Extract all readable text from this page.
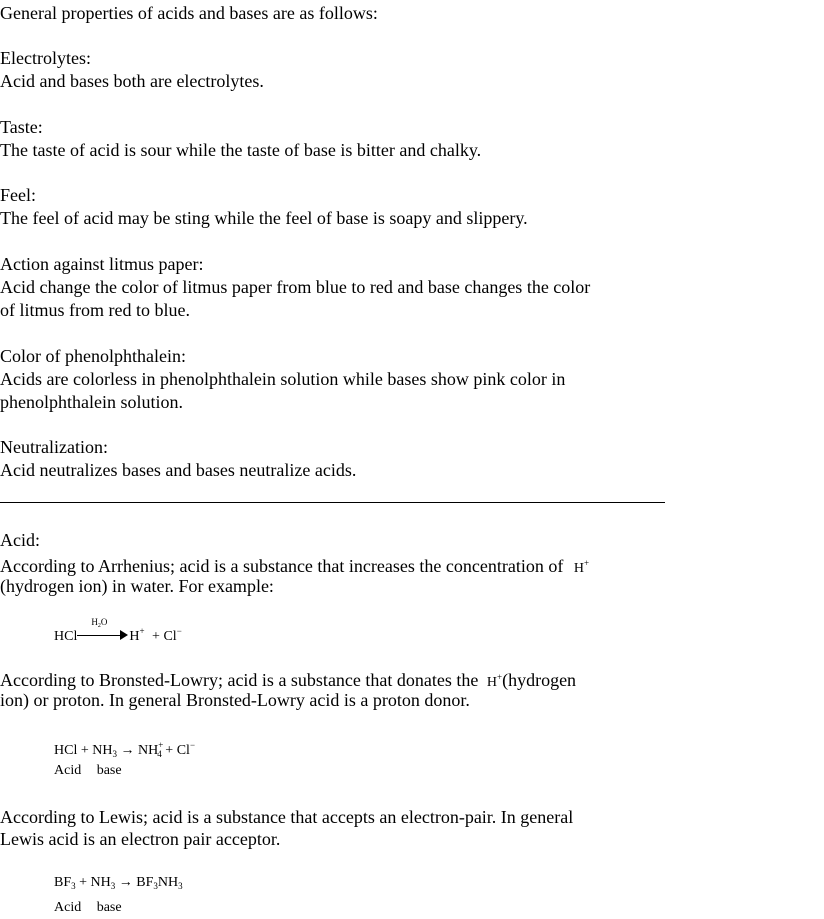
General properties of acids and bases are as follows:
Electrolytes:
Acid and bases both are electrolytes.
Taste:
The taste of acid is sour while the taste of base is bitter and chalky.
Feel:
The feel of acid may be sting while the feel of base is soapy and slippery.
Action against litmus paper:
Acid change the color of litmus paper from blue to red and base changes the color
of litmus from red to blue.
Color of phenolphthalein:
Acids are colorless in phenolphthalein solution while bases show pink color in
phenolphthalein solution.
Neutralization:
Acid neutralizes bases and bases neutralize acids.
Acid:
According to Arrhenius; acid is a substance that increases the concentration of H+
(hydrogen ion) in water. For example:
HCl
$H_2O$
H+ + Cl−
According to Bronsted-Lowry; acid is a substance that donates the H+(hydrogen
ion) or proton. In general Bronsted-Lowry acid is a proton donor.
HCl + $NH_3 \to NH^+_4 + Cl^-$
Acid base
According to Lewis; acid is a substance that accepts an electron-pair. In general
Lewis acid is an electron pair acceptor.
$BF_3 + NH_3 \to BF_3NH_3$
Acid base
